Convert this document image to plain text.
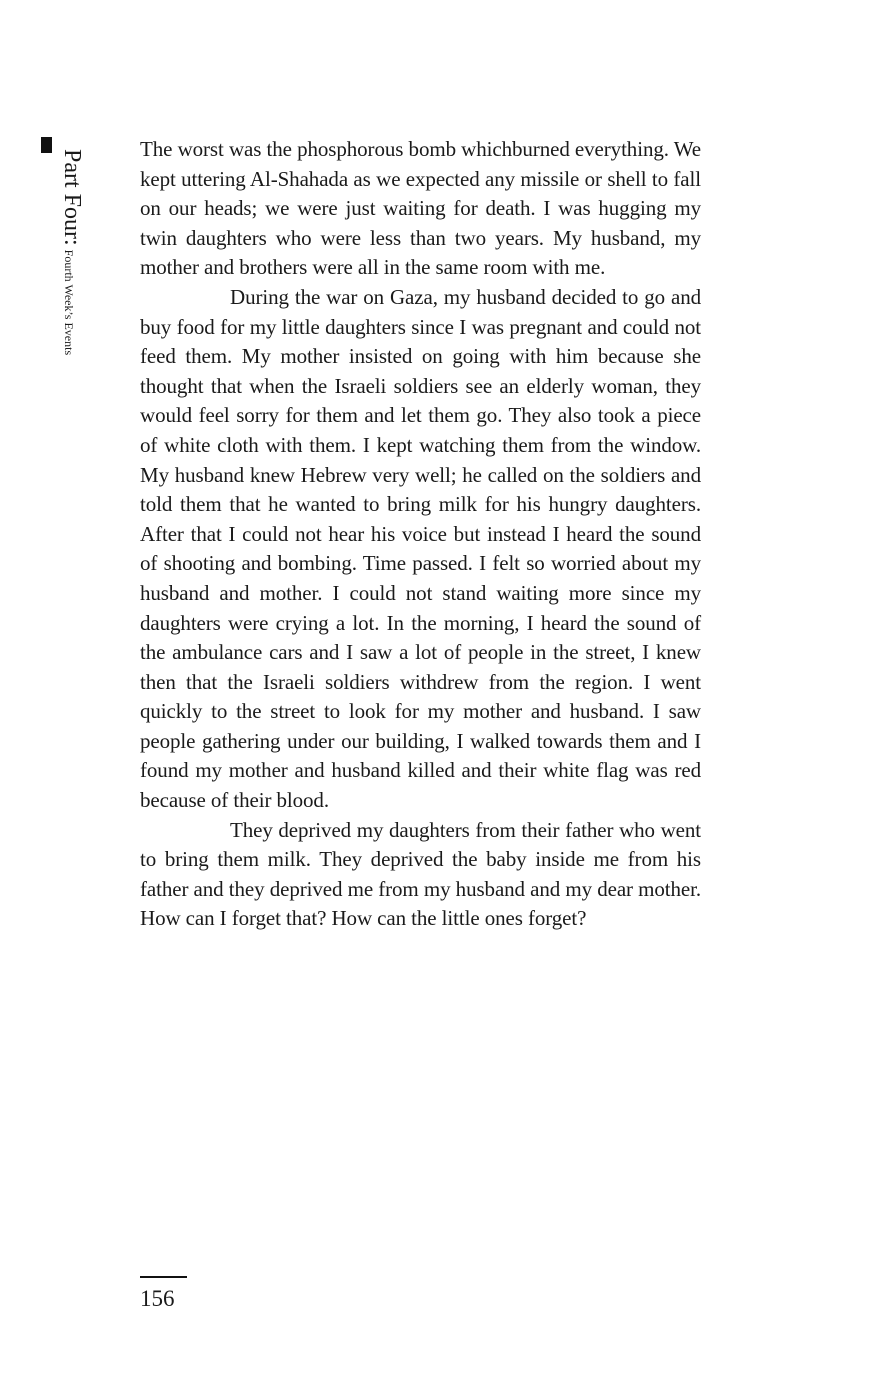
Part Four: Fourth Week’s Events

The worst was the phosphorous bomb whichburned everything. We kept uttering Al-Shahada as we expected any missile or shell to fall on our heads; we were just waiting for death. I was hugging my twin daughters who were less than two years. My husband, my mother and brothers were all in the same room with me.

During the war on Gaza, my husband decided to go and buy food for my little daughters since I was pregnant and could not feed them. My mother insisted on going with him because she thought that when the Israeli soldiers see an elderly woman, they would feel sorry for them and let them go. They also took a piece of white cloth with them. I kept watching them from the window. My husband knew Hebrew very well; he called on the soldiers and told them that he wanted to bring milk for his hungry daughters. After that I could not hear his voice but instead I heard the sound of shooting and bombing. Time passed. I felt so worried about my husband and mother. I could not stand waiting more since my daughters were crying a lot. In the morning, I heard the sound of the ambulance cars and I saw a lot of people in the street, I knew then that the Israeli soldiers withdrew from the region. I went quickly to the street to look for my mother and husband. I saw people gathering under our building, I walked towards them and I found my mother and husband killed and their white flag was red because of their blood.

They deprived my daughters from their father who went to bring them milk. They deprived the baby inside me from his father and they deprived me from my husband and my dear mother. How can I forget that? How can the little ones forget?

156
